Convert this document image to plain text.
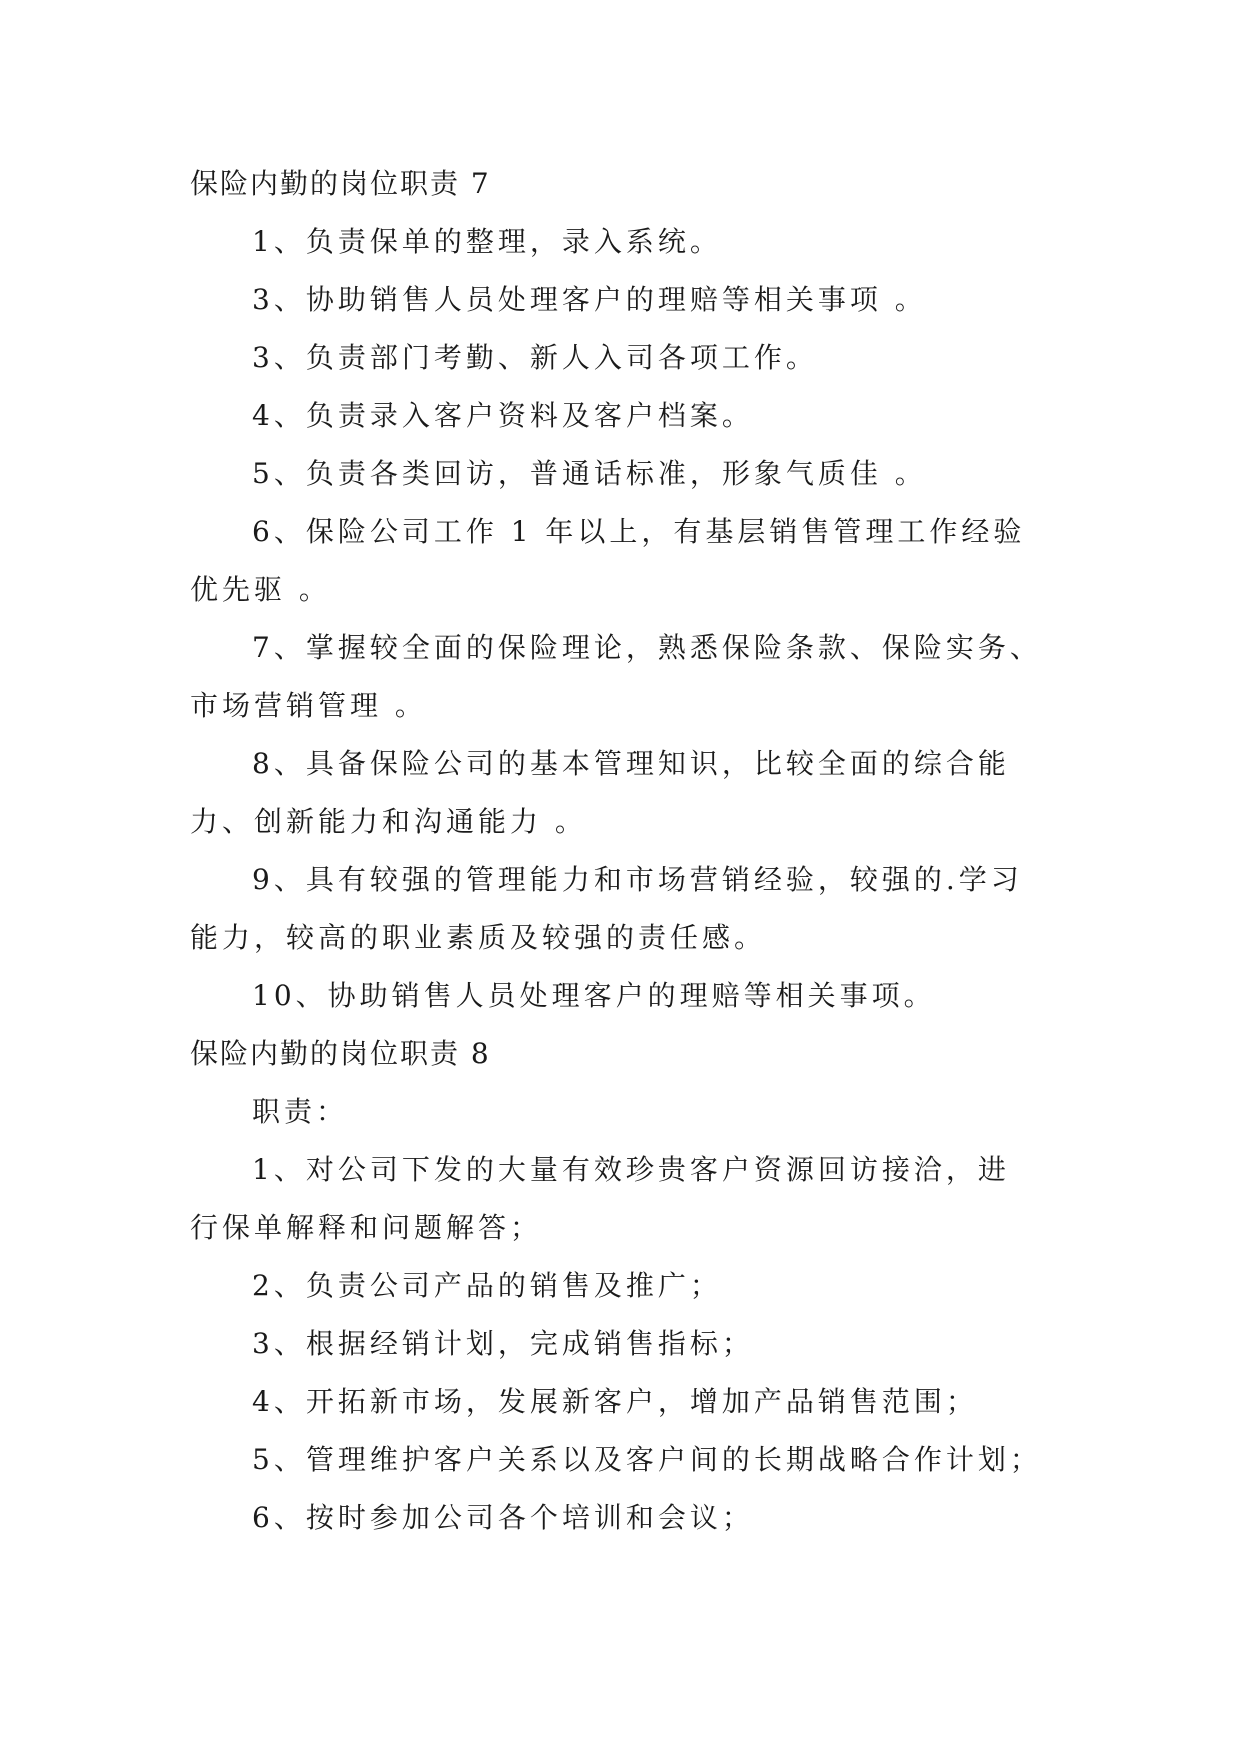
保险内勤的岗位职责 7
1、负责保单的整理，录入系统。
3、协助销售人员处理客户的理赔等相关事项 。
3、负责部门考勤、新人入司各项工作。
4、负责录入客户资料及客户档案。
5、负责各类回访，普通话标准，形象气质佳 。
6、保险公司工作 1 年以上，有基层销售管理工作经验
优先驱 。
7、掌握较全面的保险理论，熟悉保险条款、保险实务、
市场营销管理 。
8、具备保险公司的基本管理知识，比较全面的综合能
力、创新能力和沟通能力 。
9、具有较强的管理能力和市场营销经验，较强的.学习
能力，较高的职业素质及较强的责任感。
10、协助销售人员处理客户的理赔等相关事项。
保险内勤的岗位职责 8
职责：
1、对公司下发的大量有效珍贵客户资源回访接洽，进
行保单解释和问题解答；
2、负责公司产品的销售及推广；
3、根据经销计划，完成销售指标；
4、开拓新市场，发展新客户，增加产品销售范围；
5、管理维护客户关系以及客户间的长期战略合作计划；
6、按时参加公司各个培训和会议；
